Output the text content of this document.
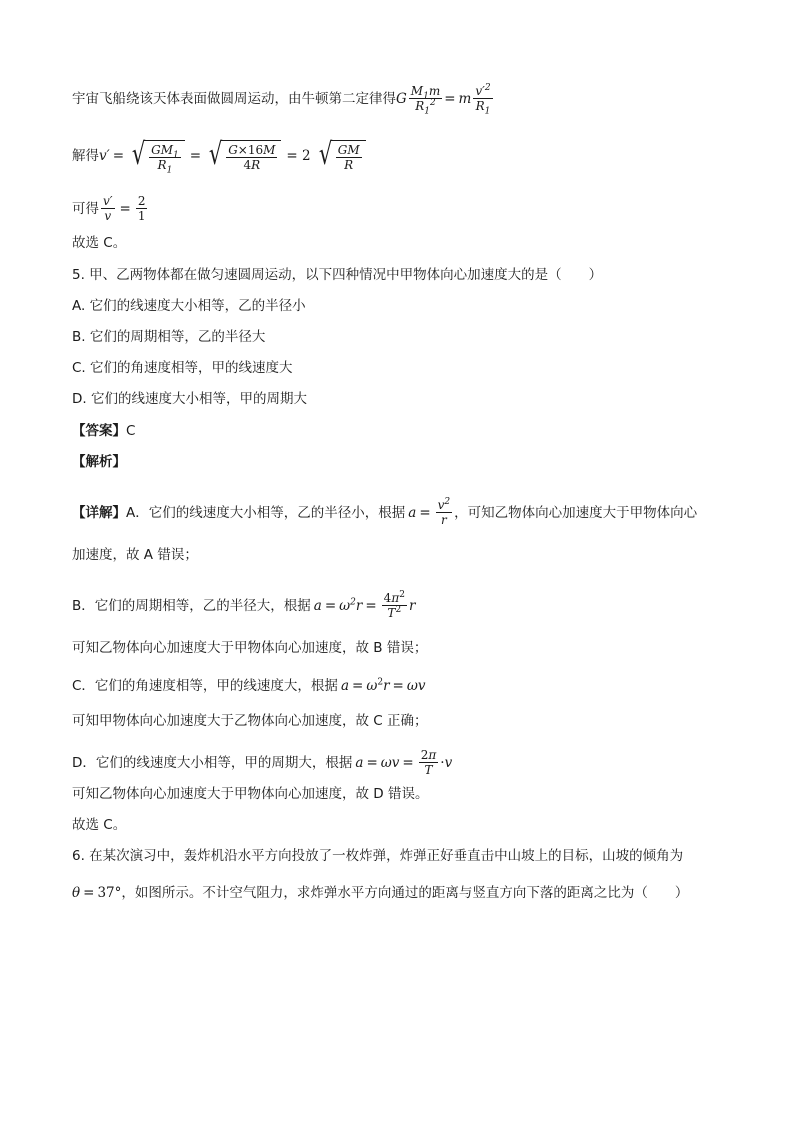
宇宙飞船绕该天体表面做圆周运动，由牛顿第二定律得 G $\frac{M_1m}{R_1^2} = m \frac{v'^2}{R_1}$
解得 v′ = √ $\frac{GM_1}{R_1}$ = √ $\frac{G\times 16M}{4R} = 2$ √ $\frac{GM}{R}$
可得 $\frac{v'}{v} = \frac{2}{1}$
故选 C。
5. 甲、乙两物体都在做匀速圆周运动，以下四种情况中甲物体向心加速度大的是（　　）
A. 它们的线速度大小相等，乙的半径小
B. 它们的周期相等，乙的半径大
C. 它们的角速度相等，甲的线速度大
D. 它们的线速度大小相等，甲的周期大
【答案】 C
【解析】
【详解】 A．它们的线速度大小相等，乙的半径小，根据 $a = \frac{v^2}{r}$ ，可知乙物体向心加速度大于甲物体向心
加速度，故 A 错误；
B．它们的周期相等，乙的半径大，根据 $a = \omega^2r = \frac{4\pi^2}{T^2}$ r
可知乙物体向心加速度大于甲物体向心加速度，故 B 错误；
C．它们的角速度相等，甲的线速度大，根据 $a = \omega^2r = \omega v$
可知甲物体向心加速度大于乙物体向心加速度，故 C 正确；
D．它们的线速度大小相等，甲的周期大，根据 $a = \omega v = \frac{2\pi}{T} \cdot v$
可知乙物体向心加速度大于甲物体向心加速度，故 D 错误。
故选 C。
6. 在某次演习中，轰炸机沿水平方向投放了一枚炸弹，炸弹正好垂直击中山坡上的目标，山坡的倾角为
θ = 37° ，如图所示。不计空气阻力，求炸弹水平方向通过的距离与竖直方向下落的距离之比为（　　）
